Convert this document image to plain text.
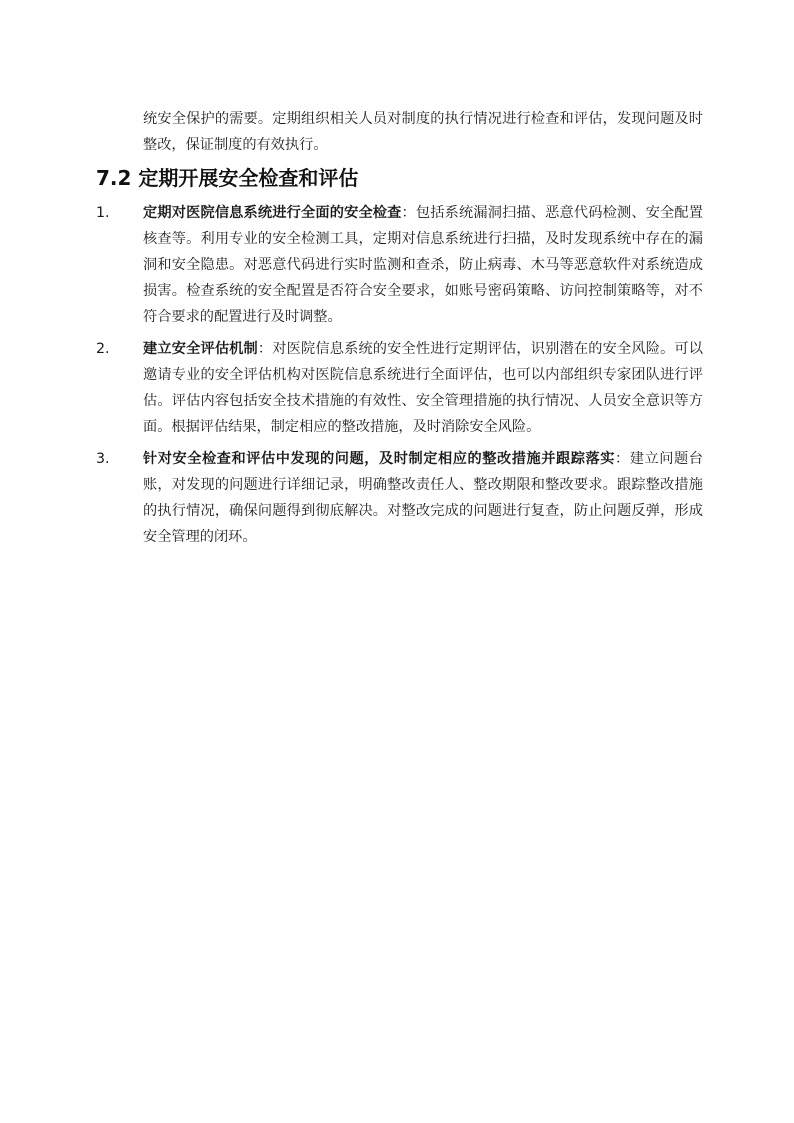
统安全保护的需要。定期组织相关人员对制度的执行情况进行检查和评估，发现问题及时整改，保证制度的有效执行。

7.2 定期开展安全检查和评估
1. 定期对医院信息系统进行全面的安全检查：包括系统漏洞扫描、恶意代码检测、安全配置核查等。利用专业的安全检测工具，定期对信息系统进行扫描，及时发现系统中存在的漏洞和安全隐患。对恶意代码进行实时监测和查杀，防止病毒、木马等恶意软件对系统造成损害。检查系统的安全配置是否符合安全要求，如账号密码策略、访问控制策略等，对不符合要求的配置进行及时调整。
2. 建立安全评估机制：对医院信息系统的安全性进行定期评估，识别潜在的安全风险。可以邀请专业的安全评估机构对医院信息系统进行全面评估，也可以内部组织专家团队进行评估。评估内容包括安全技术措施的有效性、安全管理措施的执行情况、人员安全意识等方面。根据评估结果，制定相应的整改措施，及时消除安全风险。
3. 针对安全检查和评估中发现的问题，及时制定相应的整改措施并跟踪落实：建立问题台账，对发现的问题进行详细记录，明确整改责任人、整改期限和整改要求。跟踪整改措施的执行情况，确保问题得到彻底解决。对整改完成的问题进行复查，防止问题反弹，形成安全管理的闭环。
